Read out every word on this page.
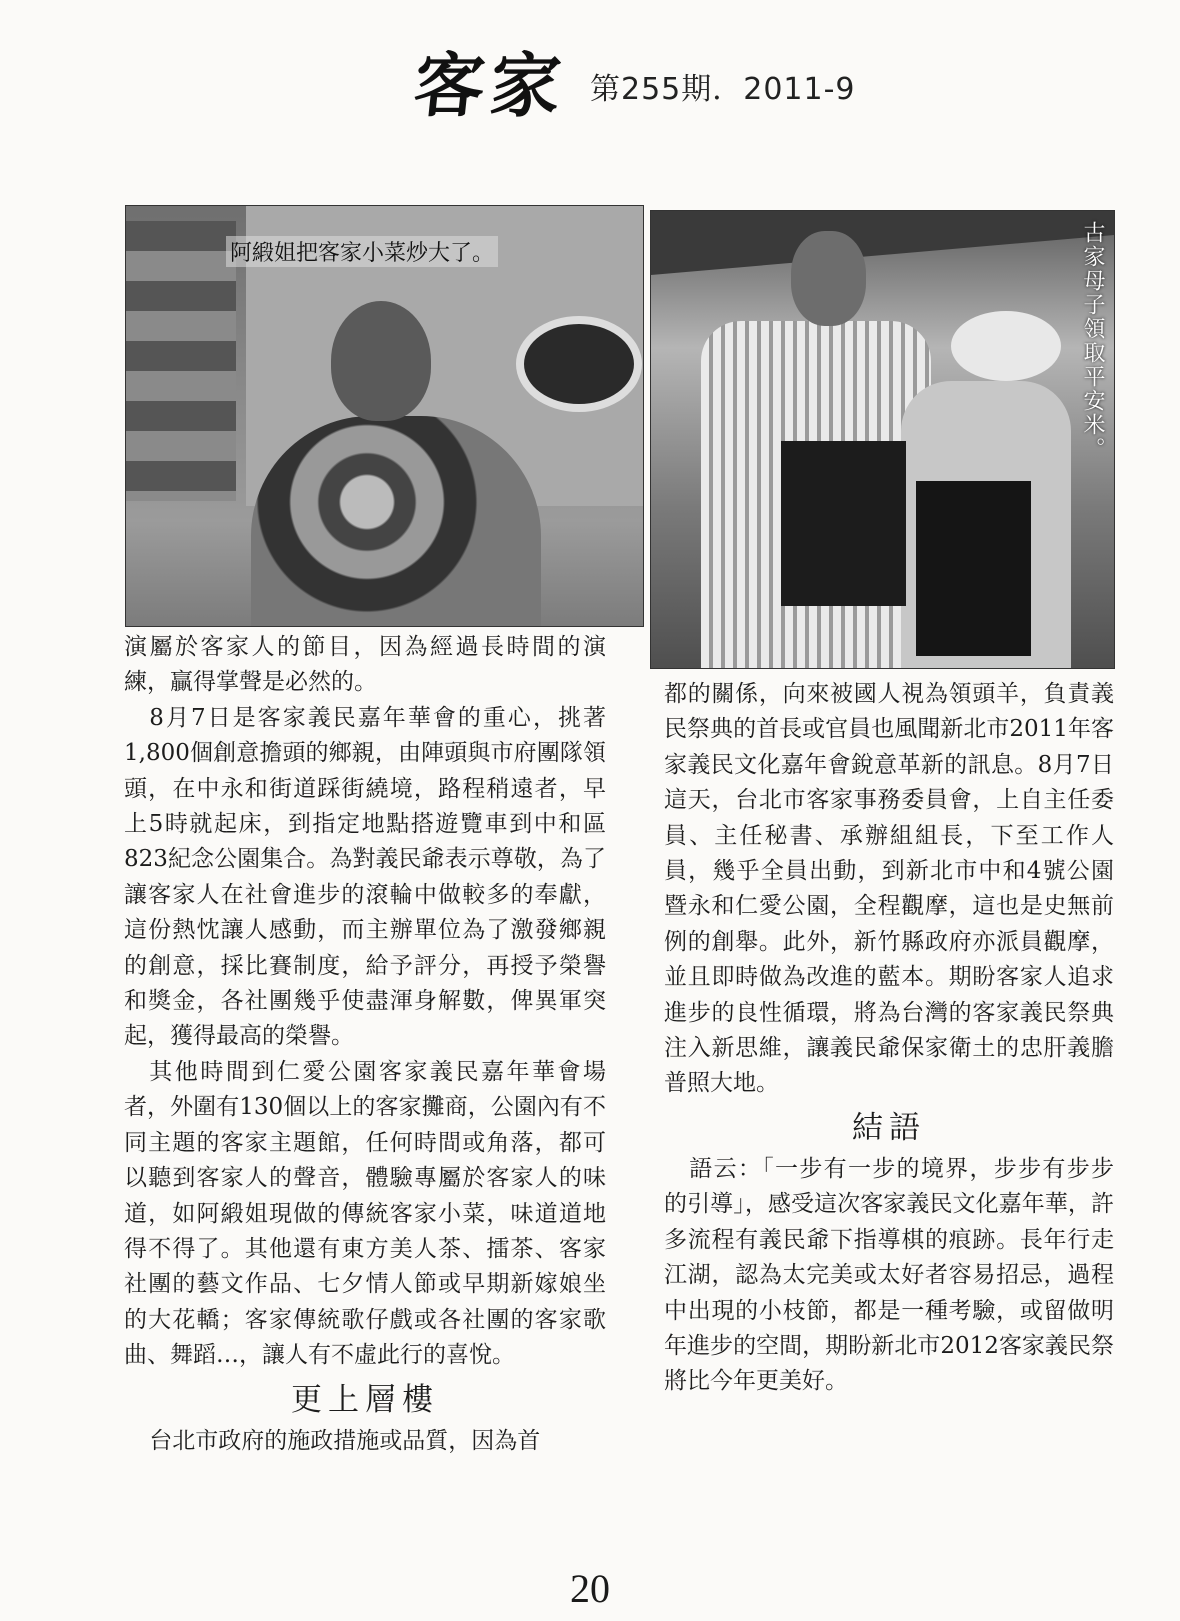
客家 第255期．2011-9
阿緞姐把客家小菜炒大了。	古家母子領取平安米。

演屬於客家人的節目，因為經過長時間的演練，贏得掌聲是必然的。

8月7日是客家義民嘉年華會的重心，挑著1,800個創意擔頭的鄉親，由陣頭與市府團隊領頭，在中永和街道踩街繞境，路程稍遠者，早上5時就起床，到指定地點搭遊覽車到中和區823紀念公園集合。為對義民爺表示尊敬，為了讓客家人在社會進步的滾輪中做較多的奉獻，這份熱忱讓人感動，而主辦單位為了激發鄉親的創意，採比賽制度，給予評分，再授予榮譽和獎金，各社團幾乎使盡渾身解數，俾異軍突起，獲得最高的榮譽。

其他時間到仁愛公園客家義民嘉年華會場者，外圍有130個以上的客家攤商，公園內有不同主題的客家主題館，任何時間或角落，都可以聽到客家人的聲音，體驗專屬於客家人的味道，如阿緞姐現做的傳統客家小菜，味道道地得不得了。其他還有東方美人茶、擂茶、客家社團的藝文作品、七夕情人節或早期新嫁娘坐的大花轎；客家傳統歌仔戲或各社團的客家歌曲、舞蹈…，讓人有不虛此行的喜悅。

更上層樓

台北市政府的施政措施或品質，因為首

都的關係，向來被國人視為領頭羊，負責義民祭典的首長或官員也風聞新北市2011年客家義民文化嘉年會銳意革新的訊息。8月7日這天，台北市客家事務委員會，上自主任委員、主任秘書、承辦組組長，下至工作人員，幾乎全員出動，到新北市中和4號公園暨永和仁愛公園，全程觀摩，這也是史無前例的創舉。此外，新竹縣政府亦派員觀摩，並且即時做為改進的藍本。期盼客家人追求進步的良性循環，將為台灣的客家義民祭典注入新思維，讓義民爺保家衛土的忠肝義膽普照大地。

結語

語云：「一步有一步的境界，步步有步步的引導」，感受這次客家義民文化嘉年華，許多流程有義民爺下指導棋的痕跡。長年行走江湖，認為太完美或太好者容易招忌，過程中出現的小枝節，都是一種考驗，或留做明年進步的空間，期盼新北市2012客家義民祭將比今年更美好。

20
